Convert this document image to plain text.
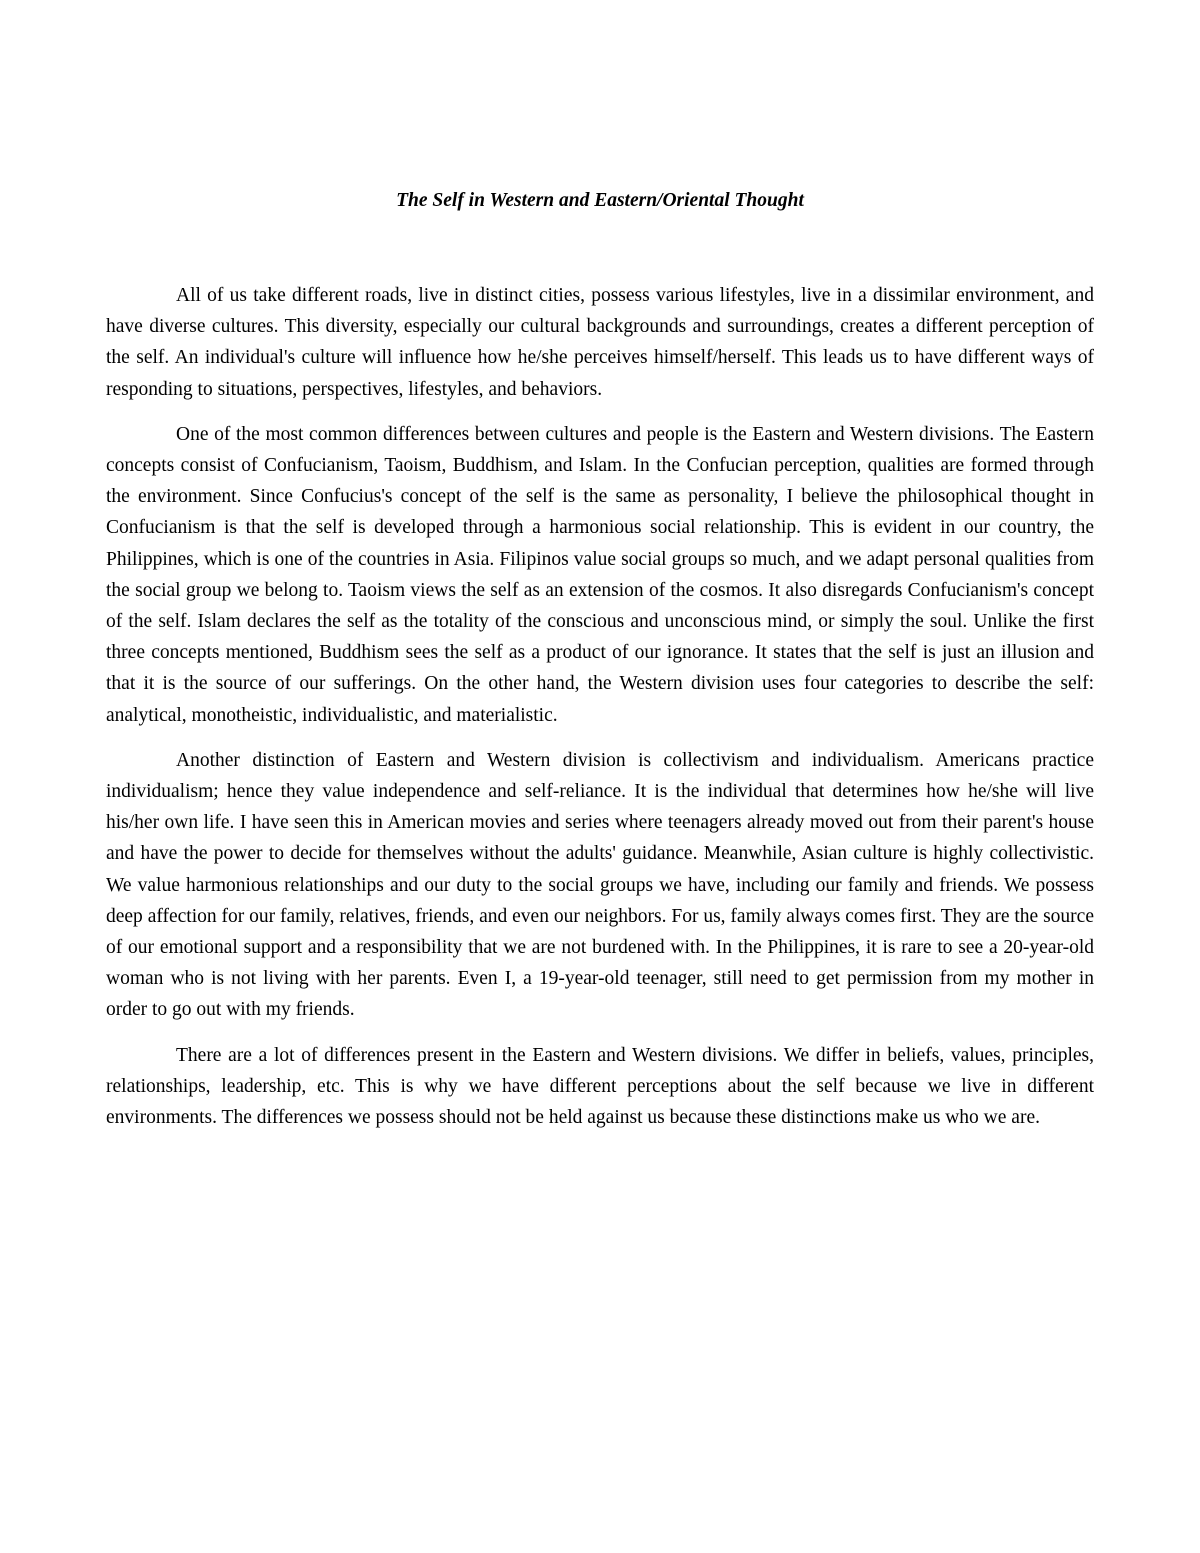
The Self in Western and Eastern/Oriental Thought

All of us take different roads, live in distinct cities, possess various lifestyles, live in a dissimilar environment, and have diverse cultures. This diversity, especially our cultural backgrounds and surroundings, creates a different perception of the self. An individual's culture will influence how he/she perceives himself/herself. This leads us to have different ways of responding to situations, perspectives, lifestyles, and behaviors.

One of the most common differences between cultures and people is the Eastern and Western divisions. The Eastern concepts consist of Confucianism, Taoism, Buddhism, and Islam. In the Confucian perception, qualities are formed through the environment. Since Confucius's concept of the self is the same as personality, I believe the philosophical thought in Confucianism is that the self is developed through a harmonious social relationship. This is evident in our country, the Philippines, which is one of the countries in Asia. Filipinos value social groups so much, and we adapt personal qualities from the social group we belong to. Taoism views the self as an extension of the cosmos. It also disregards Confucianism's concept of the self. Islam declares the self as the totality of the conscious and unconscious mind, or simply the soul. Unlike the first three concepts mentioned, Buddhism sees the self as a product of our ignorance. It states that the self is just an illusion and that it is the source of our sufferings. On the other hand, the Western division uses four categories to describe the self: analytical, monotheistic, individualistic, and materialistic.

Another distinction of Eastern and Western division is collectivism and individualism. Americans practice individualism; hence they value independence and self-reliance. It is the individual that determines how he/she will live his/her own life. I have seen this in American movies and series where teenagers already moved out from their parent's house and have the power to decide for themselves without the adults' guidance. Meanwhile, Asian culture is highly collectivistic. We value harmonious relationships and our duty to the social groups we have, including our family and friends. We possess deep affection for our family, relatives, friends, and even our neighbors. For us, family always comes first. They are the source of our emotional support and a responsibility that we are not burdened with. In the Philippines, it is rare to see a 20-year-old woman who is not living with her parents. Even I, a 19-year-old teenager, still need to get permission from my mother in order to go out with my friends.

There are a lot of differences present in the Eastern and Western divisions. We differ in beliefs, values, principles, relationships, leadership, etc. This is why we have different perceptions about the self because we live in different environments. The differences we possess should not be held against us because these distinctions make us who we are.
